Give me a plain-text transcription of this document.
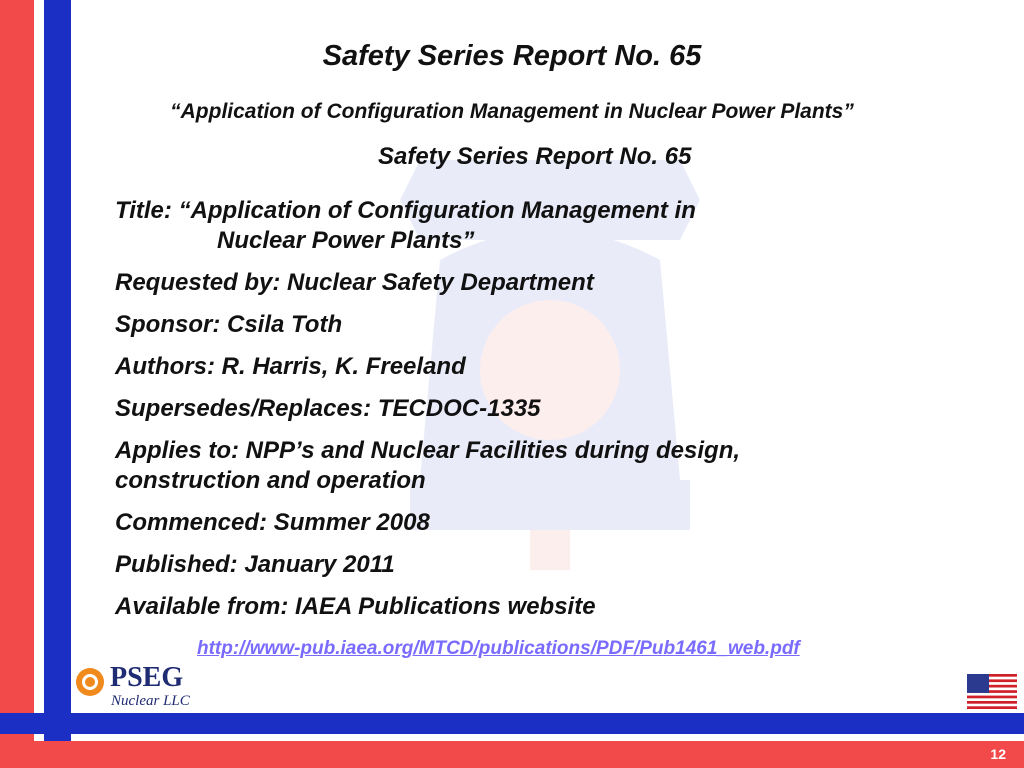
Safety Series Report No. 65
“Application of Configuration Management in Nuclear Power Plants”
Safety Series Report No. 65
Title: “Application of Configuration Management in
Nuclear Power Plants”
Requested by: Nuclear Safety Department
Sponsor: Csila Toth
Authors: R. Harris, K. Freeland
Supersedes/Replaces: TECDOC-1335
Applies to: NPP’s and Nuclear Facilities during design,
construction and operation
Commenced: Summer 2008
Published: January 2011
Available from: IAEA Publications website
http://www-pub.iaea.org/MTCD/publications/PDF/Pub1461_web.pdf
PSEG
Nuclear LLC
12
